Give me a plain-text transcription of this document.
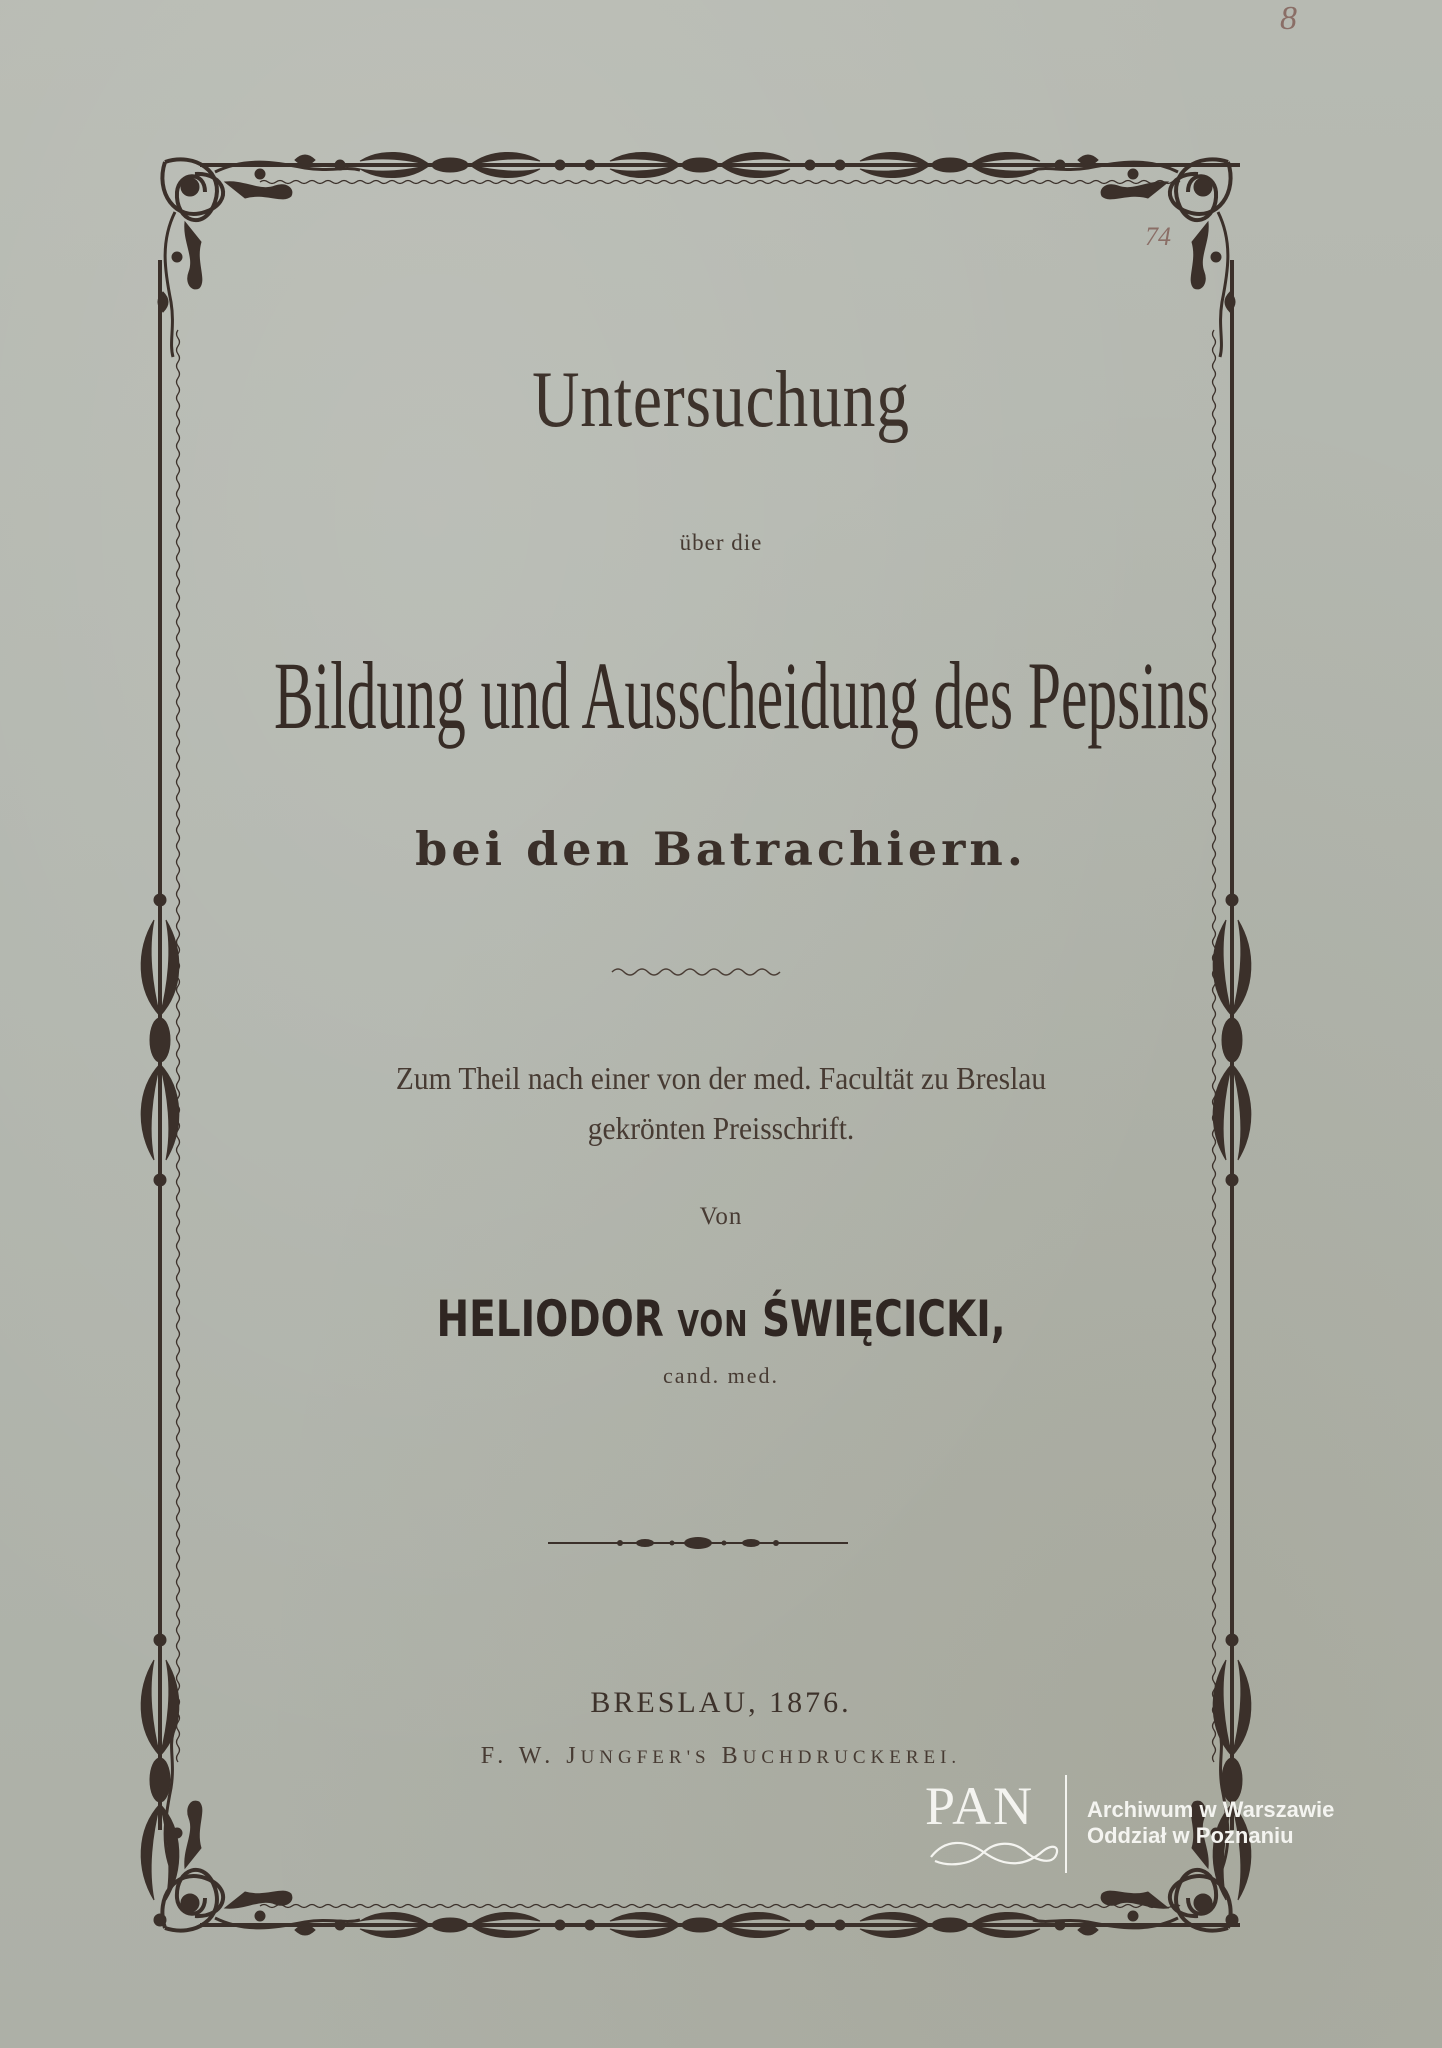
74
8
Untersuchung
über die
Bildung und Ausscheidung des Pepsins
bei den Batrachiern.
Zum Theil nach einer von der med. Facultät zu Breslau
gekrönten Preisschrift.
Von
HELIODOR VON ŚWIĘCICKI,
cand. med.
BRESLAU, 1876.
F. W. JUNGFER'S BUCHDRUCKEREI.
PAN Archiwum w Warszawie
Oddział w Poznaniu
